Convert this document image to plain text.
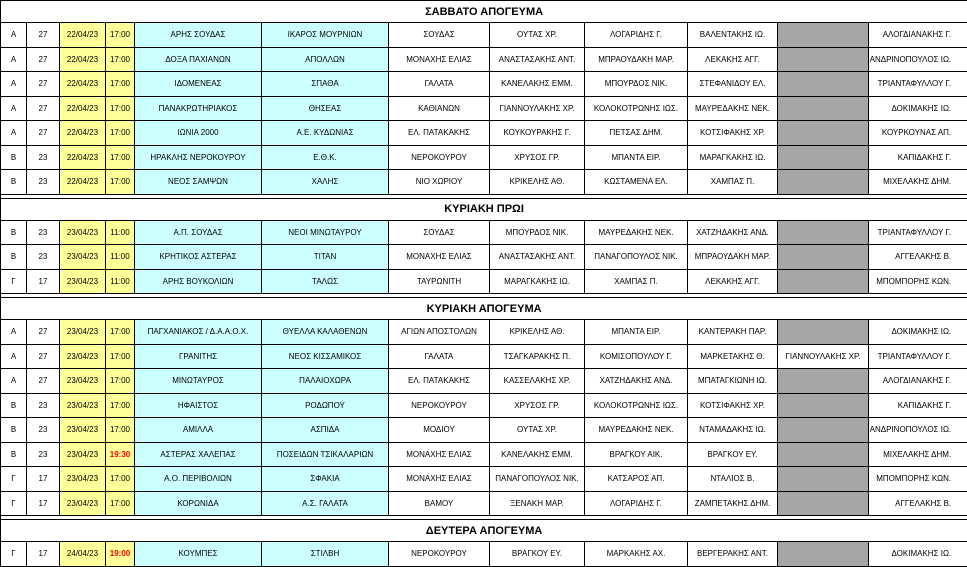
ΣΑΒΒΑΤΟ ΑΠΟΓΕΥΜΑ											
Α	27	22/04/23	17:00	ΑΡΗΣ ΣΟΥΔΑΣ	ΙΚΑΡΟΣ ΜΟΥΡΝΙΩΝ	ΣΟΥΔΑΣ	ΟΥΤΑΣ ΧΡ.	ΛΟΓΑΡΙΔΗΣ Γ.	ΒΑΛΕΝΤΑΚΗΣ ΙΩ.		ΑΛΟΓΔΙΑΝΑΚΗΣ Γ.
Α	27	22/04/23	17:00	ΔΟΞΑ ΠΑΧΙΑΝΩΝ	ΑΠΟΛΛΩΝ	ΜΟΝΑΧΗΣ ΕΛΙΑΣ	ΑΝΑΣΤΑΣΑΚΗΣ ΑΝΤ.	ΜΠΡΑΟΥΔΑΚΗ ΜΑΡ.	ΛΕΚΑΚΗΣ ΑΓΓ.		ΑΝΔΡΙΝΟΠΟΥΛΟΣ ΙΩ.
Α	27	22/04/23	17:00	ΙΔΟΜΕΝΕΑΣ	ΣΠΑΘΑ	ΓΑΛΑΤΑ	ΚΑΝΕΛΑΚΗΣ ΕΜΜ.	ΜΠΟΥΡΔΟΣ ΝΙΚ.	ΣΤΕΦΑΝΙΔΟΥ ΕΛ.		ΤΡΙΑΝΤΑΦΥΛΛΟΥ Γ.
Α	27	22/04/23	17:00	ΠΑΝΑΚΡΩΤΗΡΙΑΚΟΣ	ΘΗΣΕΑΣ	ΚΑΘΙΑΝΩΝ	ΓΙΑΝΝΟΥΛΑΚΗΣ ΧΡ.	ΚΟΛΟΚΟΤΡΩΝΗΣ ΙΩΣ.	ΜΑΥΡΕΔΑΚΗΣ ΝΕΚ.		ΔΟΚΙΜΑΚΗΣ ΙΩ.
Α	27	22/04/23	17:00	ΙΩΝΙΑ 2000	Α.Ε. ΚΥΔΩΝΙΑΣ	ΕΛ. ΠΑΤΑΚΑΚΗΣ	ΚΟΥΚΟΥΡΑΚΗΣ Γ.	ΠΕΤΣΑΣ ΔΗΜ.	ΚΟΤΣΙΦΑΚΗΣ ΧΡ.		ΚΟΥΡΚΟΥΝΑΣ ΑΠ.
Β	23	22/04/23	17:00	ΗΡΑΚΛΗΣ ΝΕΡΟΚΟΥΡΟΥ	Ε.Θ.Κ.	ΝΕΡΟΚΟΥΡΟΥ	ΧΡΥΣΟΣ ΓΡ.	ΜΠΑΝΤΑ ΕΙΡ.	ΜΑΡΑΓΚΑΚΗΣ ΙΩ.		ΚΑΠΙΔΑΚΗΣ Γ.
Β	23	22/04/23	17:00	ΝΕΟΣ ΣΑΜΨΩΝ	ΧΑΛΗΣ	ΝΙΟ ΧΩΡΙΟΥ	ΚΡΙΚΕΛΗΣ ΑΘ.	ΚΩΣΤΑΜΕΝΑ ΕΛ.	ΧΑΜΠΑΣ Π.		ΜΙΧΕΛΑΚΗΣ ΔΗΜ.

ΚΥΡΙΑΚΗ ΠΡΩΙ											
Β	23	23/04/23	11:00	Α.Π. ΣΟΥΔΑΣ	ΝΕΟΙ ΜΙΝΩΤΑΥΡΟΥ	ΣΟΥΔΑΣ	ΜΠΟΥΡΔΟΣ ΝΙΚ.	ΜΑΥΡΕΔΑΚΗΣ ΝΕΚ.	ΧΑΤΖΗΔΑΚΗΣ ΑΝΔ.		ΤΡΙΑΝΤΑΦΥΛΛΟΥ Γ.
Β	23	23/04/23	11:00	ΚΡΗΤΙΚΟΣ ΑΣΤΕΡΑΣ	ΤΙΤΑΝ	ΜΟΝΑΧΗΣ ΕΛΙΑΣ	ΑΝΑΣΤΑΣΑΚΗΣ ΑΝΤ.	ΠΑΝΑΓΟΠΟΥΛΟΣ ΝΙΚ.	ΜΠΡΑΟΥΔΑΚΗ ΜΑΡ.		ΑΓΓΕΛΑΚΗΣ Β.
Γ	17	23/04/23	11:00	ΑΡΗΣ ΒΟΥΚΟΛΙΩΝ	ΤΑΛΩΣ	ΤΑΥΡΩΝΙΤΗ	ΜΑΡΑΓΚΑΚΗΣ ΙΩ.	ΧΑΜΠΑΣ Π.	ΛΕΚΑΚΗΣ ΑΓΓ.		ΜΠΟΜΠΟΡΗΣ ΚΩΝ.

ΚΥΡΙΑΚΗ ΑΠΟΓΕΥΜΑ											
Α	27	23/04/23	17:00	ΠΑΓΧΑΝΙΑΚΟΣ / Δ.Α.Α.Ο.Χ.	ΘΥΕΛΛΑ ΚΑΛΑΘΕΝΩΝ	ΑΓΙΩΝ ΑΠΟΣΤΟΛΩΝ	ΚΡΙΚΕΛΗΣ ΑΘ.	ΜΠΑΝΤΑ ΕΙΡ.	ΚΑΝΤΕΡΑΚΗ ΠΑΡ.		ΔΟΚΙΜΑΚΗΣ ΙΩ.
Α	27	23/04/23	17:00	ΓΡΑΝΙΤΗΣ	ΝΕΟΣ ΚΙΣΣΑΜΙΚΟΣ	ΓΑΛΑΤΑ	ΤΣΑΓΚΑΡΑΚΗΣ Π.	ΚΟΜΙΣΟΠΟΥΛΟΥ Γ.	ΜΑΡΚΕΤΑΚΗΣ Θ.	ΓΙΑΝΝΟΥΛΑΚΗΣ ΧΡ.	ΤΡΙΑΝΤΑΦΥΛΛΟΥ Γ.
Α	27	23/04/23	17:00	ΜΙΝΩΤΑΥΡΟΣ	ΠΑΛΑΙΟΧΩΡΑ	ΕΛ. ΠΑΤΑΚΑΚΗΣ	ΚΑΣΣΕΛΑΚΗΣ ΧΡ.	ΧΑΤΖΗΔΑΚΗΣ ΑΝΔ.	ΜΠΑΤΑΓΚΙΩΝΗ ΙΩ.		ΑΛΟΓΔΙΑΝΑΚΗΣ Γ.
Β	23	23/04/23	17:00	ΗΦΑΙΣΤΟΣ	ΡΟΔΩΠΟΥ	ΝΕΡΟΚΟΥΡΟΥ	ΧΡΥΣΟΣ ΓΡ.	ΚΟΛΟΚΟΤΡΩΝΗΣ ΙΩΣ.	ΚΟΤΣΙΦΑΚΗΣ ΧΡ.		ΚΑΠΙΔΑΚΗΣ Γ.
Β	23	23/04/23	17:00	ΑΜΙΛΛΑ	ΑΣΠΙΔΑ	ΜΟΔΙΟΥ	ΟΥΤΑΣ ΧΡ.	ΜΑΥΡΕΔΑΚΗΣ ΝΕΚ.	ΝΤΑΜΑΔΑΚΗΣ ΙΩ.		ΑΝΔΡΙΝΟΠΟΥΛΟΣ ΙΩ.
Β	23	23/04/23	19:30	ΑΣΤΕΡΑΣ ΧΑΛΕΠΑΣ	ΠΟΣΕΙΔΩΝ ΤΣΙΚΑΛΑΡΙΩΝ	ΜΟΝΑΧΗΣ ΕΛΙΑΣ	ΚΑΝΕΛΑΚΗΣ ΕΜΜ.	ΒΡΑΓΚΟΥ ΑΙΚ.	ΒΡΑΓΚΟΥ ΕΥ.		ΜΙΧΕΛΑΚΗΣ ΔΗΜ.
Γ	17	23/04/23	17:00	Α.Ο. ΠΕΡΙΒΟΛΙΩΝ	ΣΦΑΚΙΑ	ΜΟΝΑΧΗΣ ΕΛΙΑΣ	ΠΑΝΑΓΟΠΟΥΛΟΣ ΝΙΚ.	ΚΑΤΣΑΡΟΣ ΑΠ.	ΝΤΑΛΙΟΣ Β.		ΜΠΟΜΠΟΡΗΣ ΚΩΝ.
Γ	17	23/04/23	17:00	ΚΟΡΩΝΙΔΑ	Α.Σ. ΓΑΛΑΤΑ	ΒΑΜΟΥ	ΞΕΝΑΚΗ ΜΑΡ.	ΛΟΓΑΡΙΔΗΣ Γ.	ΖΑΜΠΕΤΑΚΗΣ ΔΗΜ.		ΑΓΓΕΛΑΚΗΣ Β.

ΔΕΥΤΕΡΑ ΑΠΟΓΕΥΜΑ											
Γ	17	24/04/23	19:00	ΚΟΥΜΠΕΣ	ΣΤΙΛΒΗ	ΝΕΡΟΚΟΥΡΟΥ	ΒΡΑΓΚΟΥ ΕΥ.	ΜΑΡΚΑΚΗΣ ΑΧ.	ΒΕΡΓΕΡΑΚΗΣ ΑΝΤ.		ΔΟΚΙΜΑΚΗΣ ΙΩ.
